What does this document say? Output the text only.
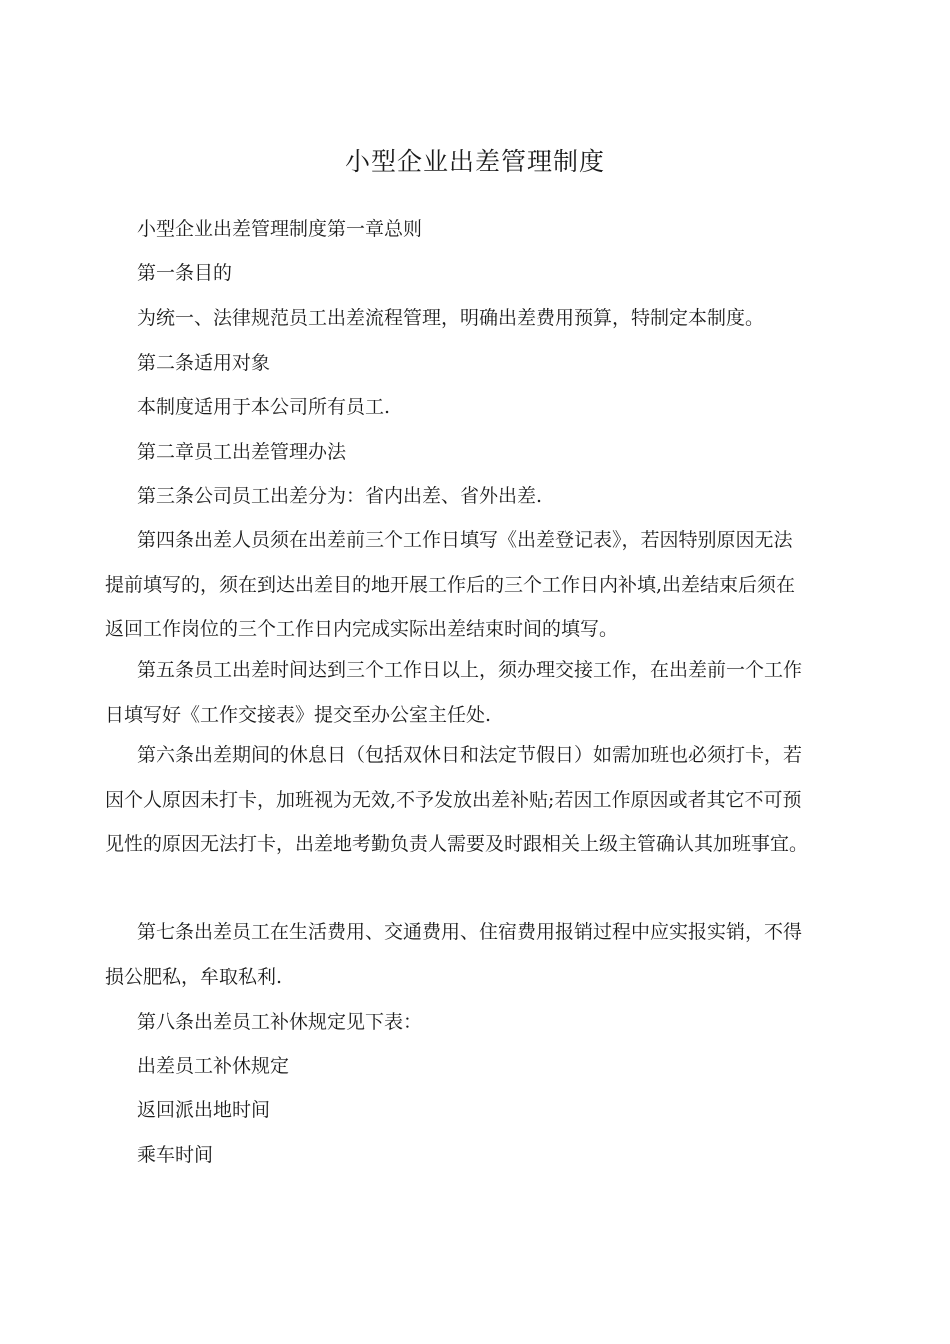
小型企业出差管理制度

小型企业出差管理制度第一章总则

第一条目的

为统一、法律规范员工出差流程管理，明确出差费用预算，特制定本制度。

第二条适用对象

本制度适用于本公司所有员工.

第二章员工出差管理办法

第三条公司员工出差分为：省内出差、省外出差.

第四条出差人员须在出差前三个工作日填写《出差登记表》，若因特别原因无法提前填写的，须在到达出差目的地开展工作后的三个工作日内补填,出差结束后须在返回工作岗位的三个工作日内完成实际出差结束时间的填写。

第五条员工出差时间达到三个工作日以上，须办理交接工作，在出差前一个工作日填写好《工作交接表》提交至办公室主任处.

第六条出差期间的休息日（包括双休日和法定节假日）如需加班也必须打卡，若因个人原因未打卡，加班视为无效,不予发放出差补贴;若因工作原因或者其它不可预见性的原因无法打卡，出差地考勤负责人需要及时跟相关上级主管确认其加班事宜。

第七条出差员工在生活费用、交通费用、住宿费用报销过程中应实报实销，不得损公肥私，牟取私利.

第八条出差员工补休规定见下表：

出差员工补休规定

返回派出地时间

乘车时间
